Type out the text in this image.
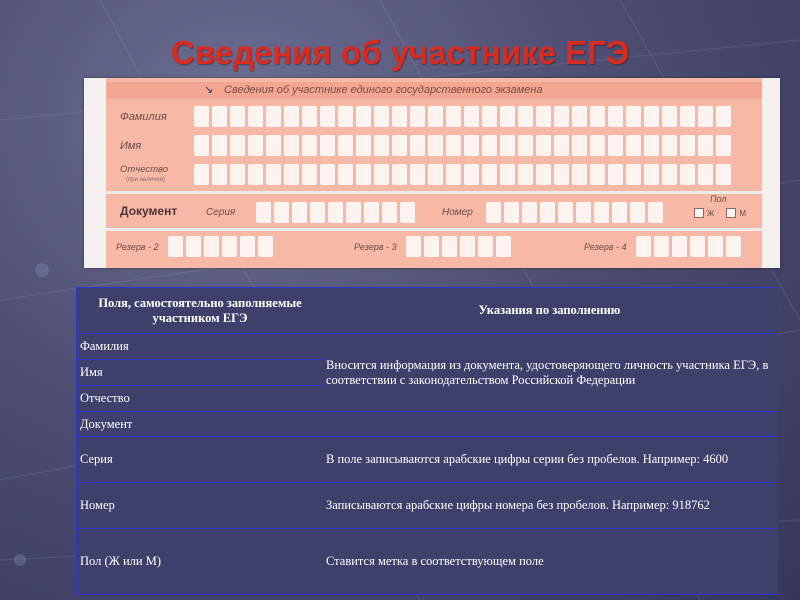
Сведения об участнике ЕГЭ
↘ Сведения об участнике единого государственного экзамена
Фамилия
Имя
Отчество
(при наличии)
Документ	Серия	Номер
Пол
Ж	М
Резерв - 2	Резерв - 3	Резерв - 4
Поля, самостоятельно заполняемые участником ЕГЭ	Указания по заполнению
Фамилия	Вносится информация из документа, удостоверяющего личность участника ЕГЭ, в соответствии с законодательством Российской Федерации
Имя	
Отчество	
Документ	
Серия	В поле записываются арабские цифры серии без пробелов. Например: 4600
Номер	Записываются арабские цифры номера без пробелов. Например: 918762
Пол (Ж или М)	Ставится метка в соответствующем поле
